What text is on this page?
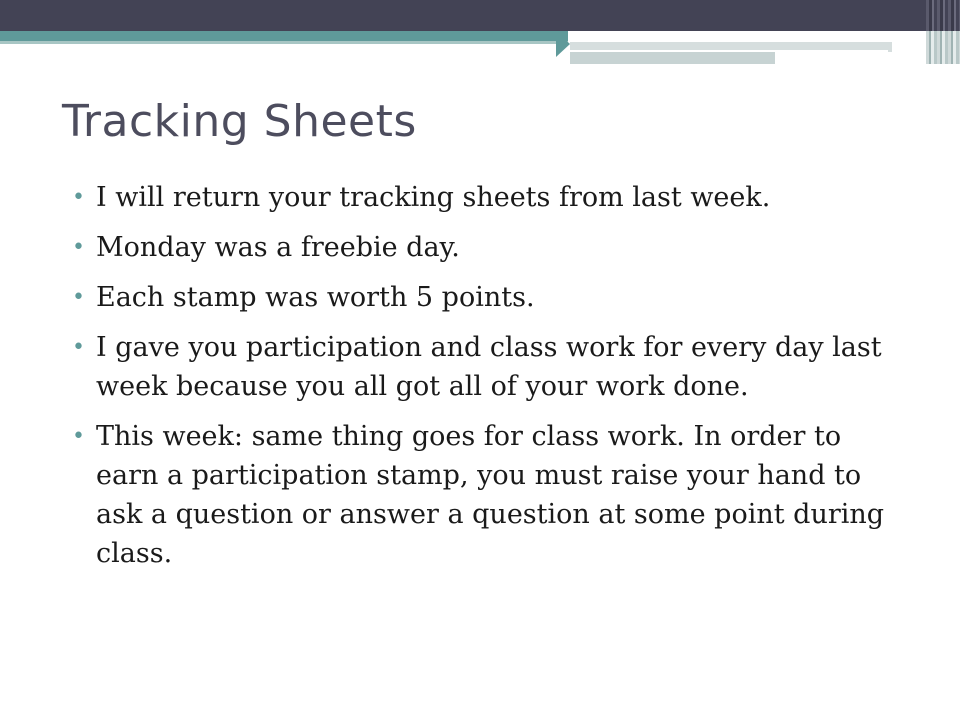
Tracking Sheets
• I will return your tracking sheets from last week.
• Monday was a freebie day.
• Each stamp was worth 5 points.
• I gave you participation and class work for every day last week because you all got all of your work done.
• This week: same thing goes for class work. In order to earn a participation stamp, you must raise your hand to ask a question or answer a question at some point during class.
